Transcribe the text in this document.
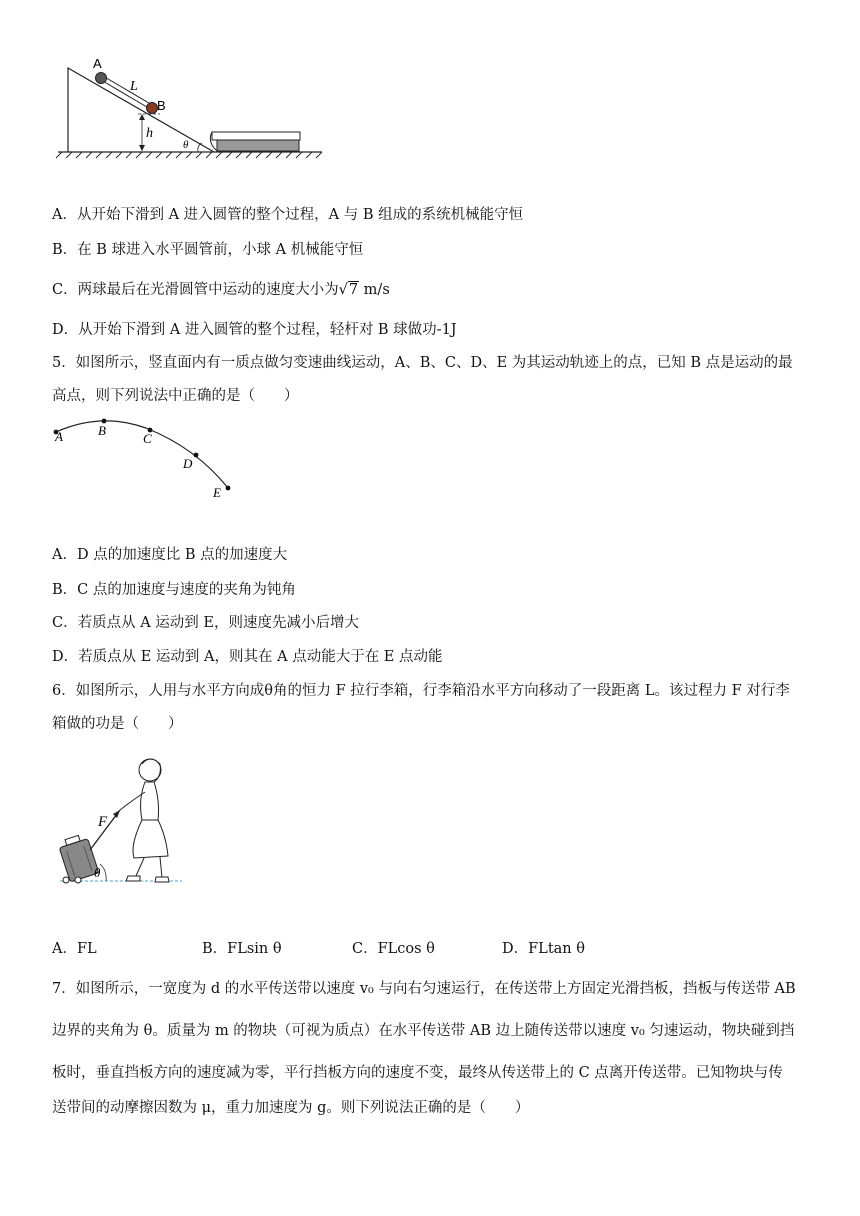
A
L
B
h
θ
A．从开始下滑到 A 进入圆管的整个过程，A 与 B 组成的系统机械能守恒
B．在 B 球进入水平圆管前，小球 A 机械能守恒
C．两球最后在光滑圆管中运动的速度大小为√7 m/s
D．从开始下滑到 A 进入圆管的整个过程，轻杆对 B 球做功-1J
5．如图所示，竖直面内有一质点做匀变速曲线运动，A、B、C、D、E 为其运动轨迹上的点，已知 B 点是运动的最
高点，则下列说法中正确的是（　　）
A	B
C
D
E
A．D 点的加速度比 B 点的加速度大
B．C 点的加速度与速度的夹角为钝角
C．若质点从 A 运动到 E，则速度先减小后增大
D．若质点从 E 运动到 A，则其在 A 点动能大于在 E 点动能
6．如图所示，人用与水平方向成θ角的恒力 F 拉行李箱，行李箱沿水平方向移动了一段距离 L。该过程力 F 对行李
箱做的功是（　　）
F
θ
A．FL	B．FLsin θ	C．FLcos θ	D．FLtan θ
7．如图所示，一宽度为 d 的水平传送带以速度 v₀ 与向右匀速运行，在传送带上方固定光滑挡板，挡板与传送带 AB
边界的夹角为 θ。质量为 m 的物块（可视为质点）在水平传送带 AB 边上随传送带以速度 v₀ 匀速运动，物块碰到挡
板时，垂直挡板方向的速度减为零，平行挡板方向的速度不变，最终从传送带上的 C 点离开传送带。已知物块与传
送带间的动摩擦因数为 μ，重力加速度为 g。则下列说法正确的是（　　）
